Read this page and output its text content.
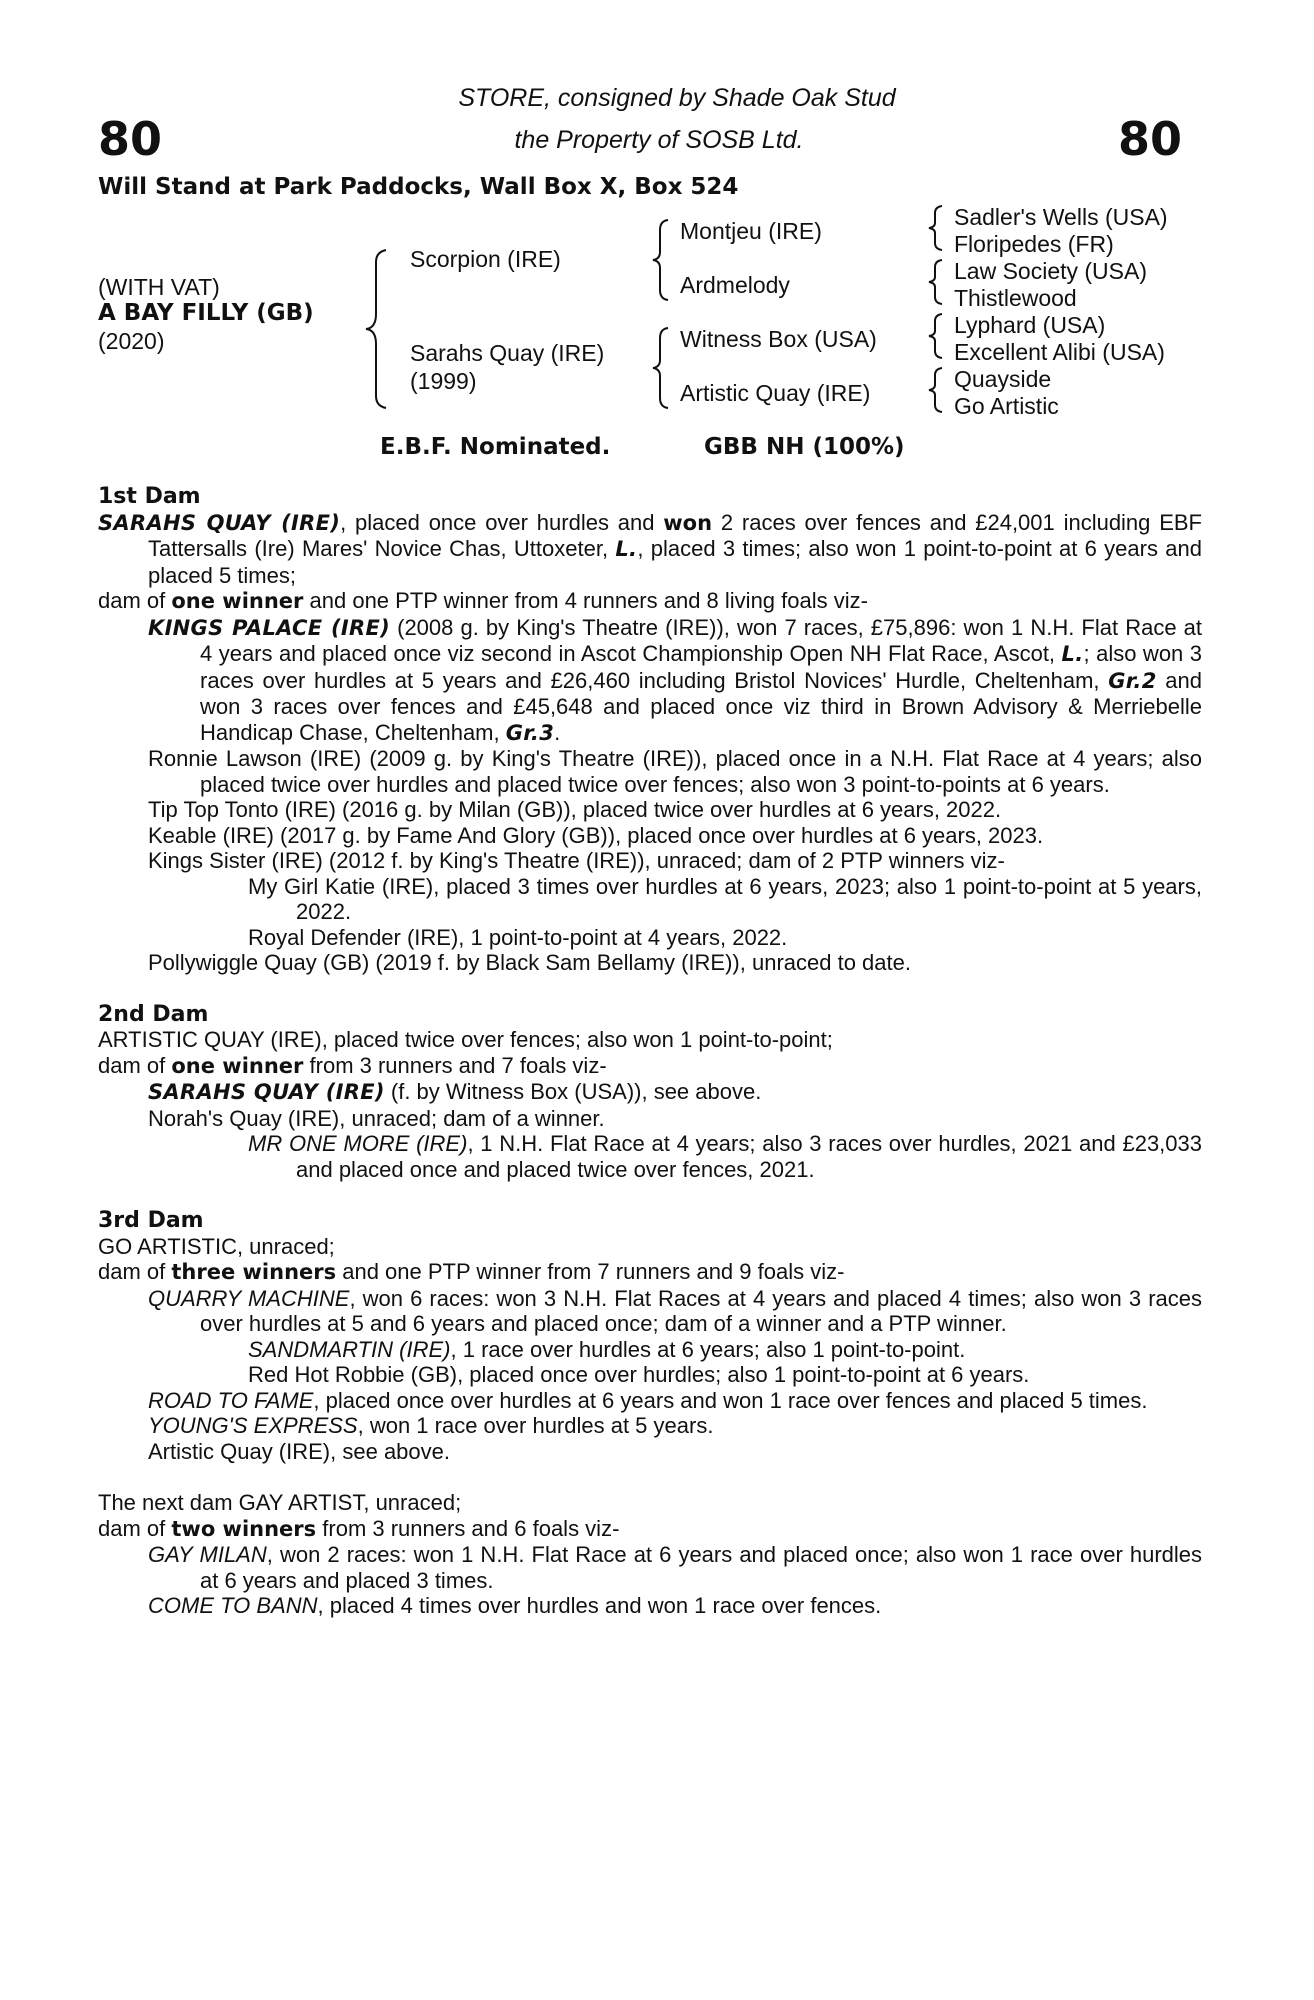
80	80
STORE, consigned by Shade Oak Stud
the Property of SOSB Ltd.
Will Stand at Park Paddocks, Wall Box X, Box 524
(WITH VAT)
A BAY FILLY (GB)
(2020)
Scorpion (IRE)
Sarahs Quay (IRE)
(1999)
Montjeu (IRE)
Ardmelody
Witness Box (USA)
Artistic Quay (IRE)
Sadler's Wells (USA)
Floripedes (FR)
Law Society (USA)
Thistlewood
Lyphard (USA)
Excellent Alibi (USA)
Quayside
Go Artistic
E.B.F. Nominated.	GBB NH (100%)

1st Dam

SARAHS QUAY (IRE), placed once over hurdles and won 2 races over fences and £24,001 including EBF Tattersalls (Ire) Mares' Novice Chas, Uttoxeter, L., placed 3 times; also won 1 point-to-point at 6 years and placed 5 times;

dam of one winner and one PTP winner from 4 runners and 8 living foals viz-

KINGS PALACE (IRE) (2008 g. by King's Theatre (IRE)), won 7 races, £75,896: won 1 N.H. Flat Race at 4 years and placed once viz second in Ascot Championship Open NH Flat Race, Ascot, L.; also won 3 races over hurdles at 5 years and £26,460 including Bristol Novices' Hurdle, Cheltenham, Gr.2 and won 3 races over fences and £45,648 and placed once viz third in Brown Advisory & Merriebelle Handicap Chase, Cheltenham, Gr.3.

Ronnie Lawson (IRE) (2009 g. by King's Theatre (IRE)), placed once in a N.H. Flat Race at 4 years; also placed twice over hurdles and placed twice over fences; also won 3 point-to-points at 6 years.

Tip Top Tonto (IRE) (2016 g. by Milan (GB)), placed twice over hurdles at 6 years, 2022.

Keable (IRE) (2017 g. by Fame And Glory (GB)), placed once over hurdles at 6 years, 2023.

Kings Sister (IRE) (2012 f. by King's Theatre (IRE)), unraced; dam of 2 PTP winners viz-

My Girl Katie (IRE), placed 3 times over hurdles at 6 years, 2023; also 1 point-to-point at 5 years, 2022.

Royal Defender (IRE), 1 point-to-point at 4 years, 2022.

Pollywiggle Quay (GB) (2019 f. by Black Sam Bellamy (IRE)), unraced to date.

2nd Dam

ARTISTIC QUAY (IRE), placed twice over fences; also won 1 point-to-point;

dam of one winner from 3 runners and 7 foals viz-

SARAHS QUAY (IRE) (f. by Witness Box (USA)), see above.

Norah's Quay (IRE), unraced; dam of a winner.

MR ONE MORE (IRE), 1 N.H. Flat Race at 4 years; also 3 races over hurdles, 2021 and £23,033 and placed once and placed twice over fences, 2021.

3rd Dam

GO ARTISTIC, unraced;

dam of three winners and one PTP winner from 7 runners and 9 foals viz-

QUARRY MACHINE, won 6 races: won 3 N.H. Flat Races at 4 years and placed 4 times; also won 3 races over hurdles at 5 and 6 years and placed once; dam of a winner and a PTP winner.

SANDMARTIN (IRE), 1 race over hurdles at 6 years; also 1 point-to-point.

Red Hot Robbie (GB), placed once over hurdles; also 1 point-to-point at 6 years.

ROAD TO FAME, placed once over hurdles at 6 years and won 1 race over fences and placed 5 times.

YOUNG'S EXPRESS, won 1 race over hurdles at 5 years.

Artistic Quay (IRE), see above.

The next dam GAY ARTIST, unraced;

dam of two winners from 3 runners and 6 foals viz-

GAY MILAN, won 2 races: won 1 N.H. Flat Race at 6 years and placed once; also won 1 race over hurdles at 6 years and placed 3 times.

COME TO BANN, placed 4 times over hurdles and won 1 race over fences.
